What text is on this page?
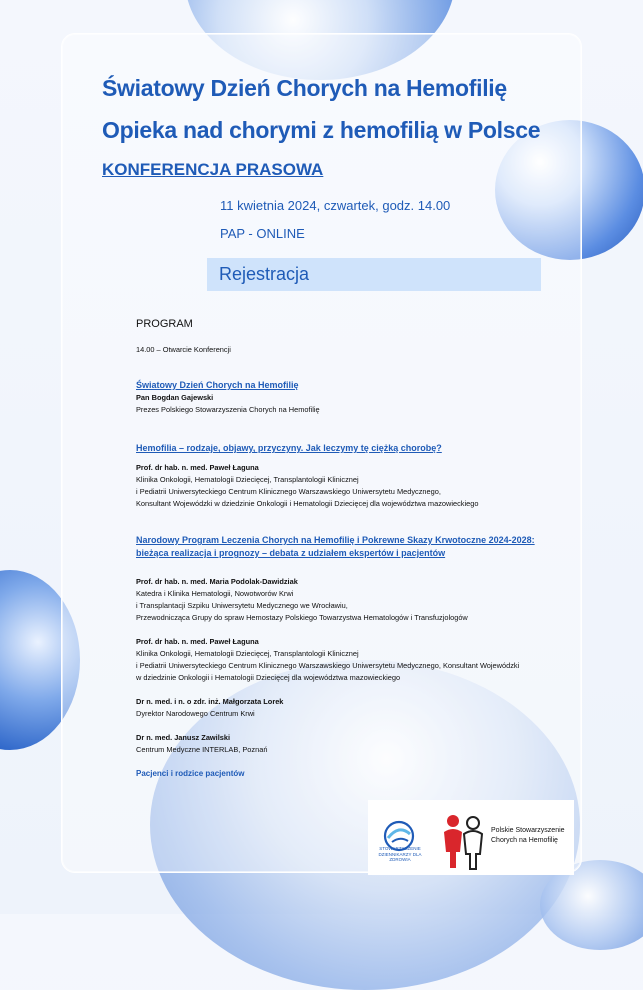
Światowy Dzień Chorych na Hemofilię
Opieka nad chorymi z hemofilią w Polsce
KONFERENCJA PRASOWA
11 kwietnia 2024, czwartek, godz. 14.00
PAP - ONLINE
Rejestracja
PROGRAM
14.00 – Otwarcie Konferencji
Światowy Dzień Chorych na Hemofilię
Pan Bogdan Gajewski
Prezes Polskiego Stowarzyszenia Chorych na Hemofilię
Hemofilia – rodzaje, objawy, przyczyny. Jak leczymy tę ciężką chorobę?
Prof. dr hab. n. med. Paweł Łaguna
Klinika Onkologii, Hematologii Dziecięcej, Transplantologii Klinicznej
i Pediatrii Uniwersyteckiego Centrum Klinicznego Warszawskiego Uniwersytetu Medycznego,
Konsultant Wojewódzki w dziedzinie Onkologii i Hematologii Dziecięcej dla województwa mazowieckiego
Narodowy Program Leczenia Chorych na Hemofilię i Pokrewne Skazy Krwotoczne 2024-2028:
bieżąca realizacja i prognozy – debata z udziałem ekspertów i pacjentów
Prof. dr hab. n. med. Maria Podolak-Dawidziak
Katedra i Klinika Hematologii, Nowotworów Krwi
i Transplantacji Szpiku Uniwersytetu Medycznego we Wrocławiu,
Przewodnicząca Grupy do spraw Hemostazy Polskiego Towarzystwa Hematologów i Transfuzjologów
Prof. dr hab. n. med. Paweł Łaguna
Klinika Onkologii, Hematologii Dziecięcej, Transplantologii Klinicznej
i Pediatrii Uniwersyteckiego Centrum Klinicznego Warszawskiego Uniwersytetu Medycznego, Konsultant Wojewódzki
w dziedzinie Onkologii i Hematologii Dziecięcej dla województwa mazowieckiego
Dr n. med. i n. o zdr. inż. Małgorzata Lorek
Dyrektor Narodowego Centrum Krwi
Dr n. med. Janusz Zawilski
Centrum Medyczne INTERLAB, Poznań
Pacjenci i rodzice pacjentów
STOWARZYSZENIE DZIENNIKARZY DLA ZDROWIA
Polskie Stowarzyszenie
Chorych na Hemofilię
